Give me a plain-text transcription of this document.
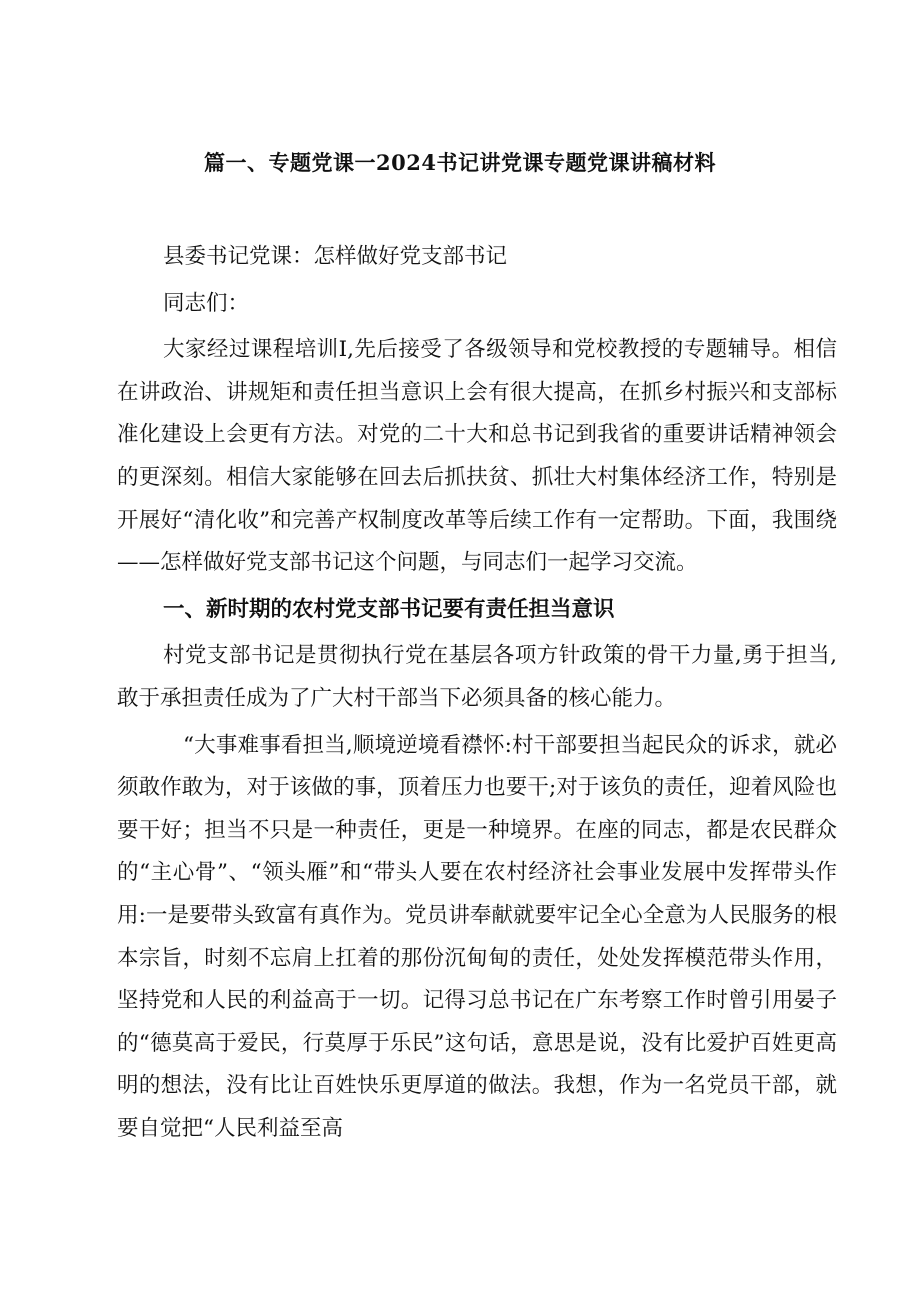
篇一、专题党课一2024书记讲党课专题党课讲稿材料

县委书记党课：怎样做好党支部书记

同志们：

大家经过课程培训I,先后接受了各级领导和党校教授的专题辅导。相信在讲政治、讲规矩和责任担当意识上会有很大提高，在抓乡村振兴和支部标准化建设上会更有方法。对党的二十大和总书记到我省的重要讲话精神领会的更深刻。相信大家能够在回去后抓扶贫、抓壮大村集体经济工作，特别是开展好“清化收”和完善产权制度改革等后续工作有一定帮助。下面，我围绕——怎样做好党支部书记这个问题，与同志们一起学习交流。

一、新时期的农村党支部书记要有责任担当意识

村党支部书记是贯彻执行党在基层各项方针政策的骨干力量,勇于担当,敢于承担责任成为了广大村干部当下必须具备的核心能力。

“大事难事看担当,顺境逆境看襟怀:村干部要担当起民众的诉求，就必须敢作敢为，对于该做的事，顶着压力也要干;对于该负的责任，迎着风险也要干好；担当不只是一种责任，更是一种境界。在座的同志，都是农民群众的“主心骨”、“领头雁”和“带头人要在农村经济社会事业发展中发挥带头作用:一是要带头致富有真作为。党员讲奉献就要牢记全心全意为人民服务的根本宗旨，时刻不忘肩上扛着的那份沉甸甸的责任，处处发挥模范带头作用，坚持党和人民的利益高于一切。记得习总书记在广东考察工作时曾引用晏子的“德莫高于爱民，行莫厚于乐民”这句话，意思是说，没有比爱护百姓更高明的想法，没有比让百姓快乐更厚道的做法。我想，作为一名党员干部，就要自觉把“人民利益至高
